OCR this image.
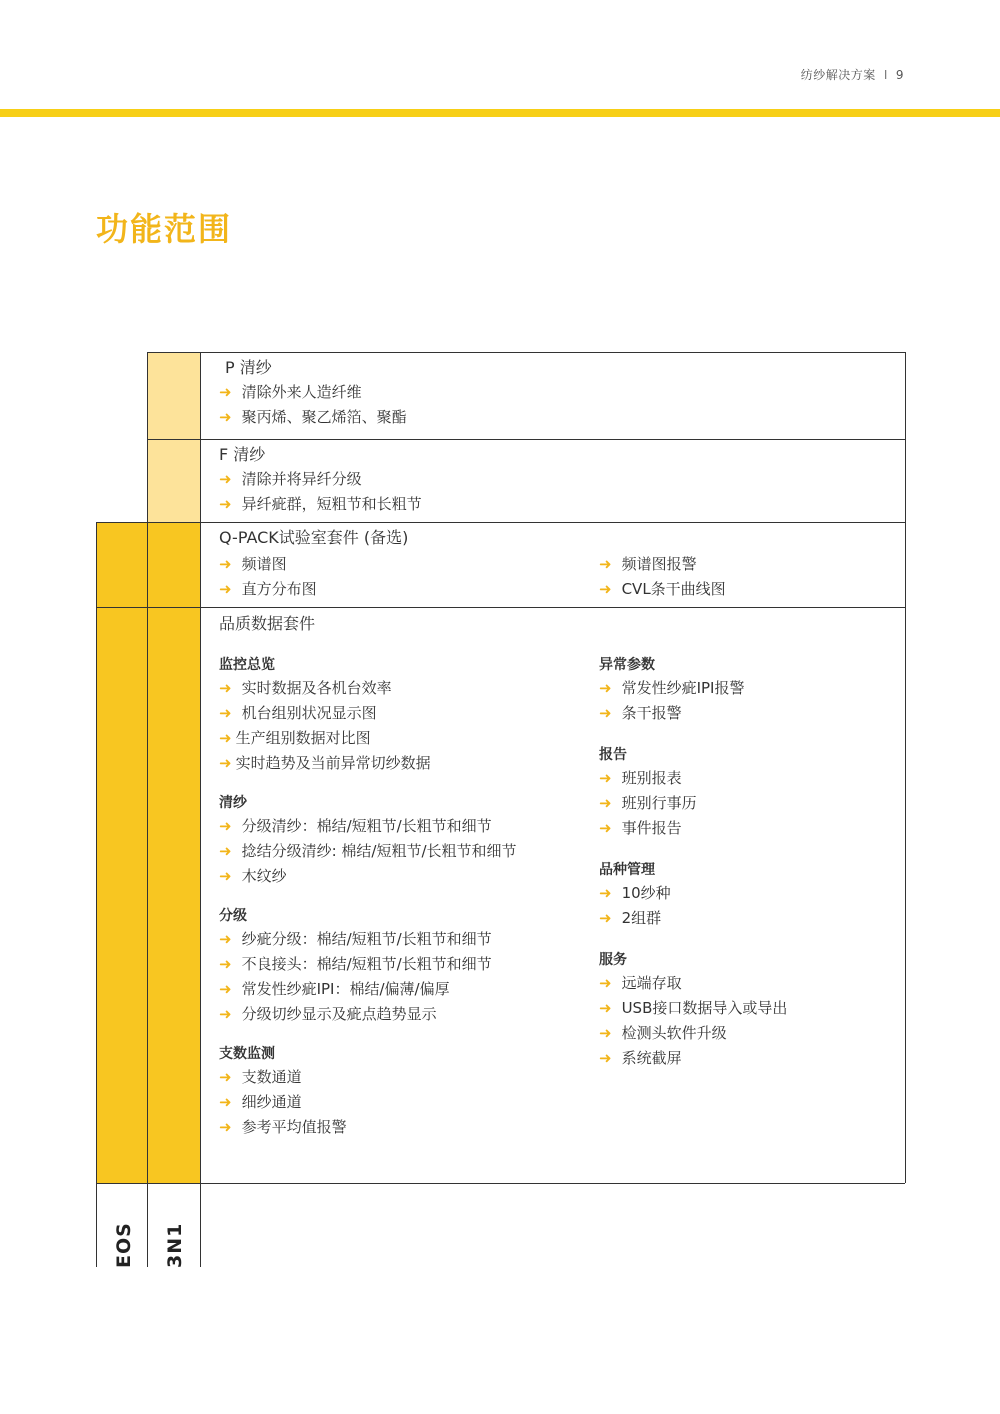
纺纱解决方案 I 9
功能范围
EOS 3N1
P 清纱
➜ 清除外来人造纤维
➜ 聚丙烯、聚乙烯箔、聚酯
F 清纱
➜ 清除并将异纤分级
➜ 异纤疵群，短粗节和长粗节
Q-PACK试验室套件 (备选)
➜ 频谱图
➜ 直方分布图
➜ 频谱图报警
➜ CVL条干曲线图
品质数据套件
监控总览
➜ 实时数据及各机台效率
➜ 机台组别状况显示图
➜ 生产组别数据对比图
➜ 实时趋势及当前异常切纱数据
清纱
➜ 分级清纱：棉结/短粗节/长粗节和细节
➜ 捻结分级清纱: 棉结/短粗节/长粗节和细节
➜ 木纹纱
分级
➜ 纱疵分级：棉结/短粗节/长粗节和细节
➜ 不良接头：棉结/短粗节/长粗节和细节
➜ 常发性纱疵IPI：棉结/偏薄/偏厚
➜ 分级切纱显示及疵点趋势显示
支数监测
➜ 支数通道
➜ 细纱通道
➜ 参考平均值报警
异常参数
➜ 常发性纱疵IPI报警
➜ 条干报警
报告
➜ 班别报表
➜ 班别行事历
➜ 事件报告
品种管理
➜ 10纱种
➜ 2组群
服务
➜ 远端存取
➜ USB接口数据导入或导出
➜ 检测头软件升级
➜ 系统截屏
